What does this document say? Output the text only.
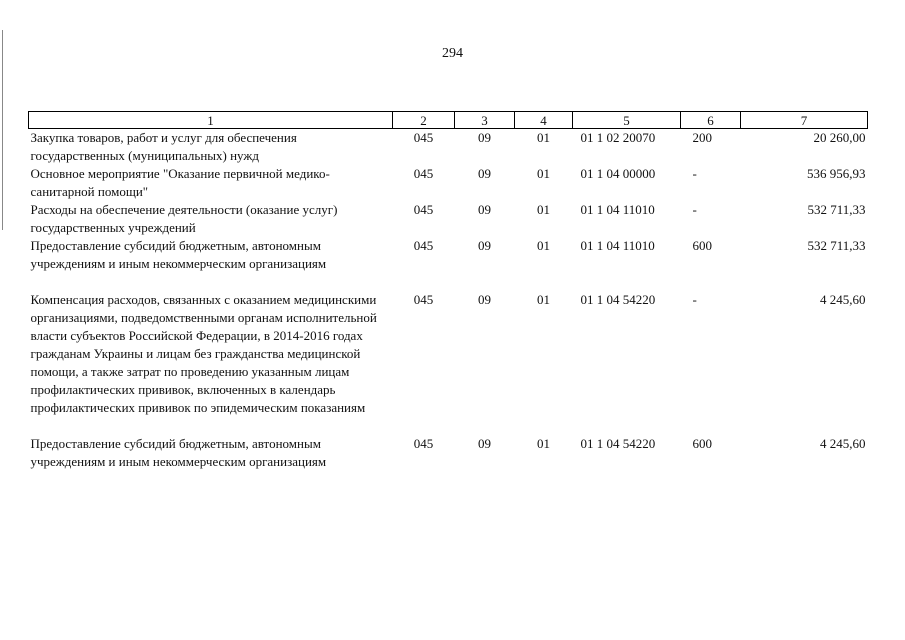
294
1	2	3	4	5	6	7
Закупка товаров, работ и услуг для обеспечения государственных (муниципальных) нужд	045	09	01	01 1 02 20070	200	20 260,00
Основное мероприятие "Оказание первичной медико-санитарной помощи"	045	09	01	01 1 04 00000	-	536 956,93
Расходы на обеспечение деятельности (оказание услуг) государственных учреждений	045	09	01	01 1 04 11010	-	532 711,33
Предоставление субсидий бюджетным, автономным учреждениям и иным некоммерческим организациям	045	09	01	01 1 04 11010	600	532 711,33

Компенсация расходов, связанных с оказанием медицинскими организациями, подведомственными органам исполнительной власти субъектов Российской Федерации, в 2014-2016 годах гражданам Украины и лицам без гражданства медицинской помощи, а также затрат по проведению указанным лицам профилактических прививок, включенных в календарь профилактических прививок по эпидемическим показаниям	045	09	01	01 1 04 54220	-	4 245,60

Предоставление субсидий бюджетным, автономным учреждениям и иным некоммерческим организациям	045	09	01	01 1 04 54220	600	4 245,60
